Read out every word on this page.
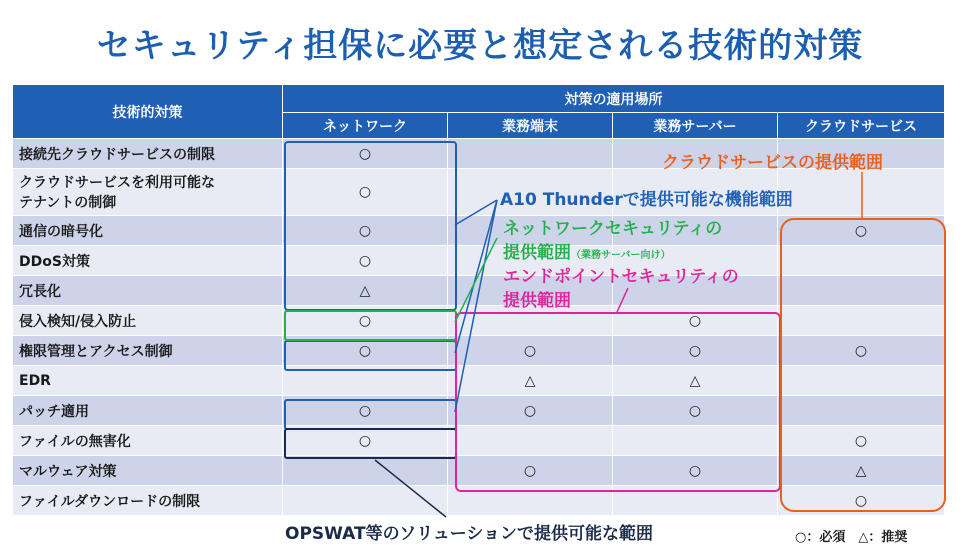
セキュリティ担保に必要と想定される技術的対策
技術的対策	対策の適用場所			
	ネットワーク	業務端末	業務サーバー	クラウドサービス
接続先クラウドサービスの制限	○			
クラウドサービスを利用可能な
テナントの制御	○			
通信の暗号化	○			○
DDoS対策	○			
冗長化	△			
侵入検知/侵入防止	○		○	
権限管理とアクセス制御	○	○	○	○
EDR		△	△	
パッチ適用	○	○	○	
ファイルの無害化	○			○
マルウェア対策		○	○	△
ファイルダウンロードの制限				○
クラウドサービスの提供範囲
A10 Thunderで提供可能な機能範囲
ネットワークセキュリティの
提供範囲（業務サーバー向け）
エンドポイントセキュリティの
提供範囲
OPSWAT等のソリューションで提供可能な範囲	○：必須　△：推奨
